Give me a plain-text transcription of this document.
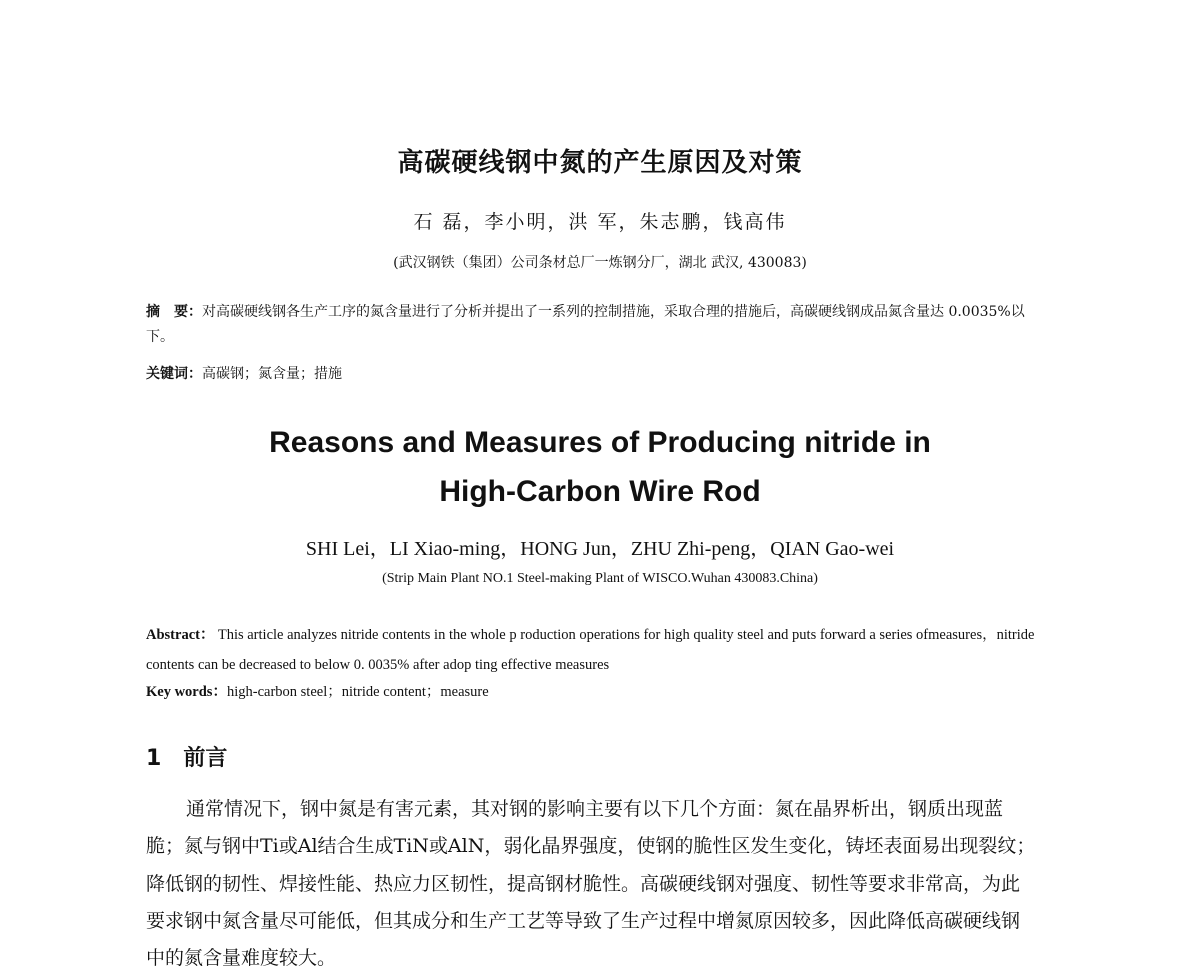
高碳硬线钢中氮的产生原因及对策
石 磊，李小明，洪 军，朱志鹏，钱高伟
(武汉钢铁（集团）公司条材总厂一炼钢分厂，湖北 武汉, 430083)
摘　要：对高碳硬线钢各生产工序的氮含量进行了分析并提出了一系列的控制措施，采取合理的措施后，高碳硬线钢成品氮含量达 0.0035%以下。
关键词：高碳钢；氮含量；措施
Reasons and Measures of Producing nitride in
High-Carbon Wire Rod
SHI Lei，LI Xiao-ming，HONG Jun，ZHU Zhi-peng，QIAN Gao-wei
(Strip Main Plant NO.1 Steel-making Plant of WISCO.Wuhan 430083.China)
Abstract： This article analyzes nitride contents in the whole p roduction operations for high quality steel and puts forward a series ofmeasures，nitride contents can be decreased to below 0. 0035% after adop ting effective measures
Key words：high-carbon steel；nitride content；measure
1 前言
通常情况下，钢中氮是有害元素，其对钢的影响主要有以下几个方面：氮在晶界析出，钢质出现蓝脆；氮与钢中Ti或Al结合生成TiN或AlN，弱化晶界强度，使钢的脆性区发生变化，铸坯表面易出现裂纹；降低钢的韧性、焊接性能、热应力区韧性，提高钢材脆性。高碳硬线钢对强度、韧性等要求非常高，为此要求钢中氮含量尽可能低，但其成分和生产工艺等导致了生产过程中增氮原因较多，因此降低高碳硬线钢中的氮含量难度较大。
